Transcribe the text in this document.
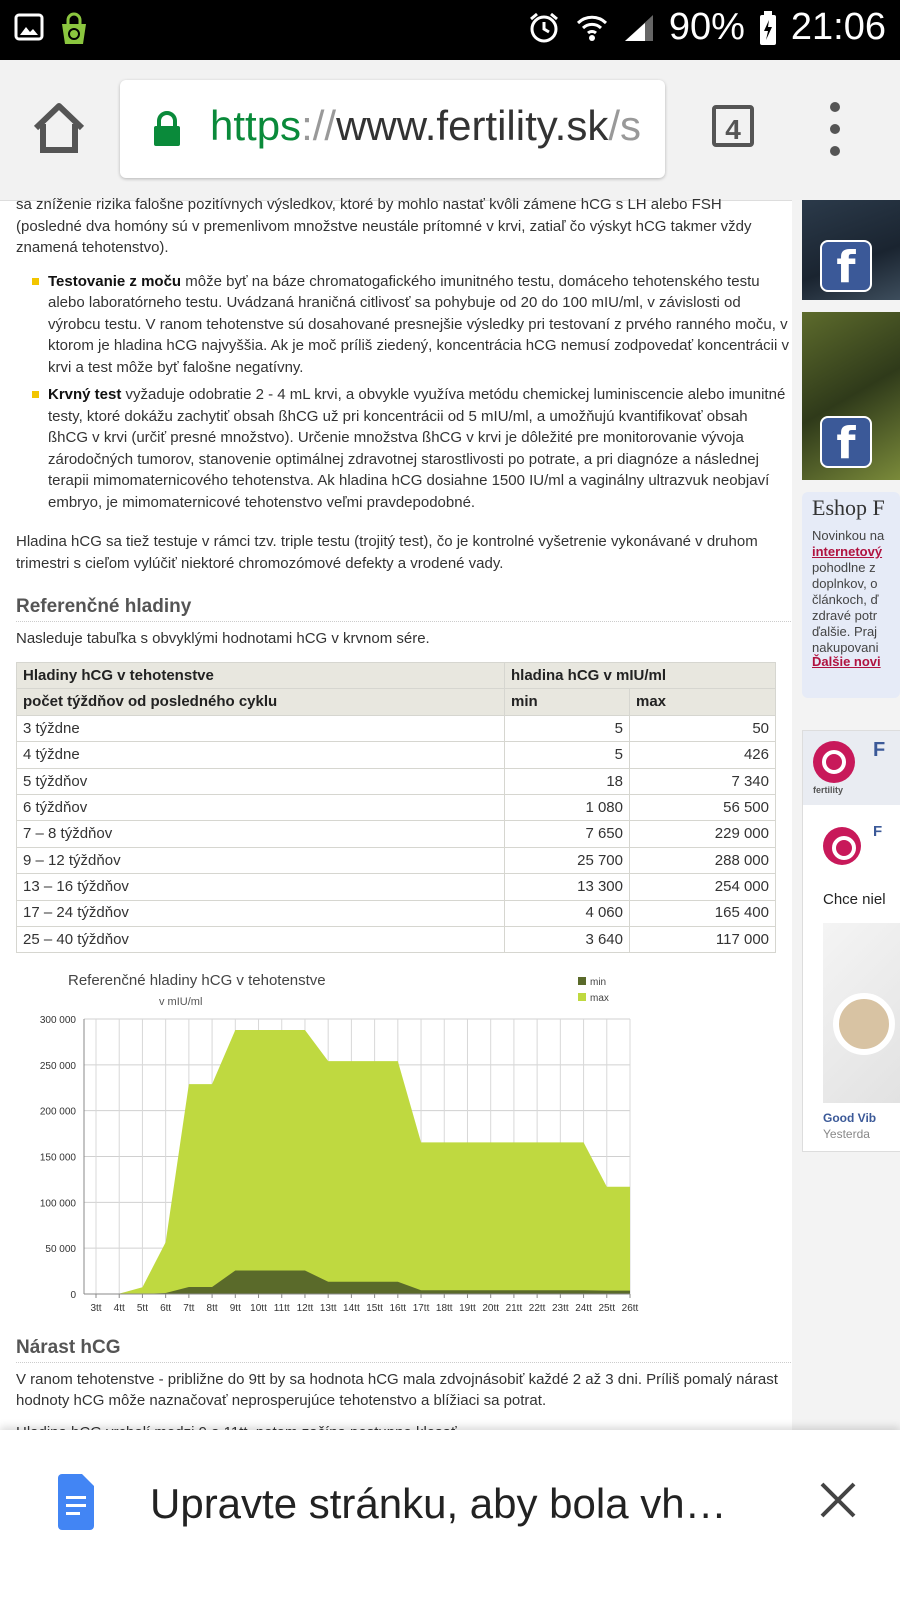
90% 21:06
https://www.fertility.sk/s	4

sa zníženie rizika falošne pozitívnych výsledkov, ktoré by mohlo nastať kvôli zámene hCG s LH alebo FSH (posledné dva homóny sú v premenlivom množstve neustále prítomné v krvi, zatiaľ čo výskyt hCG takmer vždy znamená tehotenstvo).

Testovanie z moču môže byť na báze chromatogafického imunitného testu, domáceho tehotenského testu alebo laboratórneho testu. Uvádzaná hraničná citlivosť sa pohybuje od 20 do 100 mIU/ml, v závislosti od výrobcu testu. V ranom tehotenstve sú dosahované presnejšie výsledky pri testovaní z prvého ranného moču, v ktorom je hladina hCG najvyššia. Ak je moč príliš ziedený, koncentrácia hCG nemusí zodpovedať koncentrácii v krvi a test môže byť falošne negatívny.
Krvný test vyžaduje odobratie 2 - 4 mL krvi, a obvykle využíva metódu chemickej luminiscencie alebo imunitné testy, ktoré dokážu zachytiť obsah ßhCG už pri koncentrácii od 5 mIU/ml, a umožňujú kvantifikovať obsah ßhCG v krvi (určiť presné množstvo). Určenie množstva ßhCG v krvi je dôležité pre monitorovanie vývoja zárodočných tumorov, stanovenie optimálnej zdravotnej starostlivosti po potrate, a pri diagnóze a následnej terapii mimomaternicového tehotenstva. Ak hladina hCG dosiahne 1500 IU/ml a vaginálny ultrazvuk neobjaví embryo, je mimomaternicové tehotenstvo veľmi pravdepodobné.

Hladina hCG sa tiež testuje v rámci tzv. triple testu (trojitý test), čo je kontrolné vyšetrenie vykonávané v druhom trimestri s cieľom vylúčiť niektoré chromozómové defekty a vrodené vady.

Referenčné hladiny

Nasleduje tabuľka s obvyklými hodnotami hCG v krvnom sére.

Hladiny hCG v tehotenstve	hladina hCG v mIU/ml	
počet týždňov od posledného cyklu	min	max
3 týždne	5	50
4 týždne	5	426
5 týždňov	18	7 340
6 týždňov	1 080	56 500
7 – 8 týždňov	7 650	229 000
9 – 12 týždňov	25 700	288 000
13 – 16 týždňov	13 300	254 000
17 – 24 týždňov	4 060	165 400
25 – 40 týždňov	3 640	117 000
0
50 000
100 000
150 000
200 000
250 000
300 000
3tt 4tt 5tt 6tt 7tt 8tt 9tt 10tt 11tt 12tt 13tt 14tt 15tt 16tt 17tt 18tt 19tt 20tt 21tt 22tt 23tt 24tt 25tt 26tt
Referenčné hladiny hCG v tehotenstve
v mIU/ml
min
max
Nárast hCG

V ranom tehotenstve - približne do 9tt by sa hodnota hCG mala zdvojnásobiť každé 2 až 3 dni. Príliš pomalý nárast hodnoty hCG môže naznačovať neprosperujúce tehotenstvo a blížiaci sa potrat.

f
f
Eshop F
Novinkou na
internetový
pohodlne z
doplnkov, o
článkoch, ď
zdravé potr
ďalšie. Praj
nakupovani
Ďalšie novi
fertility
F
F
Chce niel
Good Vib
Yesterda
Upravte stránku, aby bola vh…
